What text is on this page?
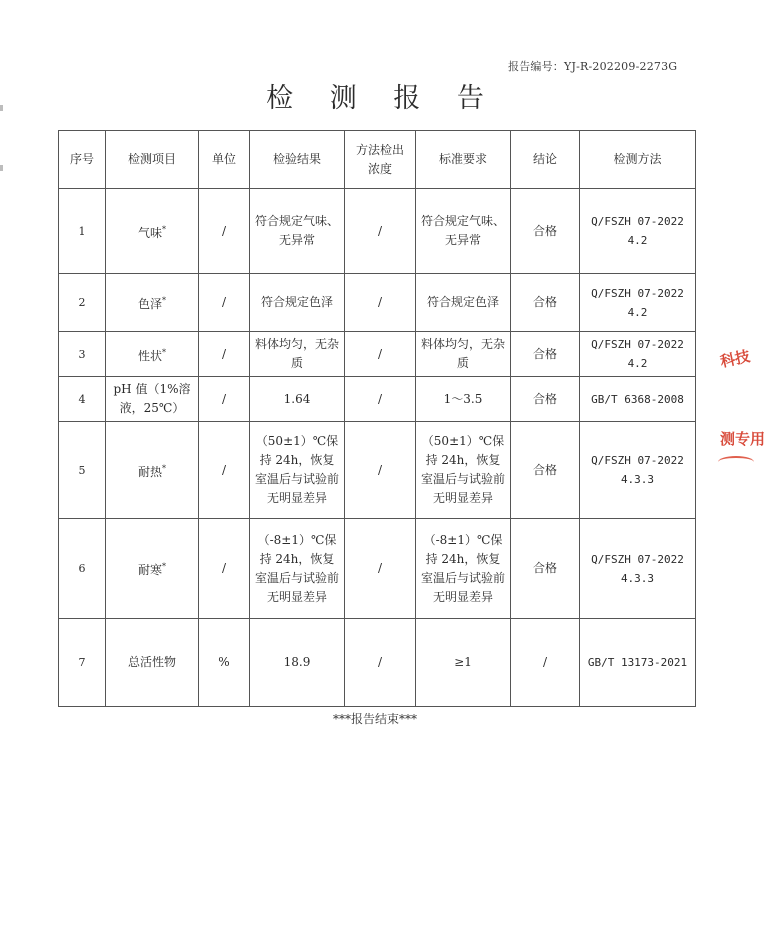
报告编号：YJ-R-202209-2273G
检 测 报 告
序号	检测项目	单位	检验结果	方法检出浓度	标准要求	结论	检测方法
1	气味*	/	符合规定气味、无异常	/	符合规定气味、无异常	合格	Q/FSZH 07-2022
4.2

2	色泽*	/	符合规定色泽	/	符合规定色泽	合格	Q/FSZH 07-2022
4.2

3	性状*	/	料体均匀，无杂质	/	料体均匀，无杂质	合格	Q/FSZH 07-2022
4.2

4	pH 值（1%溶液，25℃）	/	1.64	/	1～3.5	合格	GB/T 6368-2008

5	耐热*	/	（50±1）℃保持 24h，恢复室温后与试验前无明显差异	/	（50±1）℃保持 24h，恢复室温后与试验前无明显差异	合格	Q/FSZH 07-2022
4.3.3

6	耐寒*	/	（-8±1）℃保持 24h，恢复室温后与试验前无明显差异	/	（-8±1）℃保持 24h，恢复室温后与试验前无明显差异	合格	Q/FSZH 07-2022
4.3.3

7	总活性物	%	18.9	/	≥1	/	GB/T 13173-2021
***报告结束***
科技
测专用
